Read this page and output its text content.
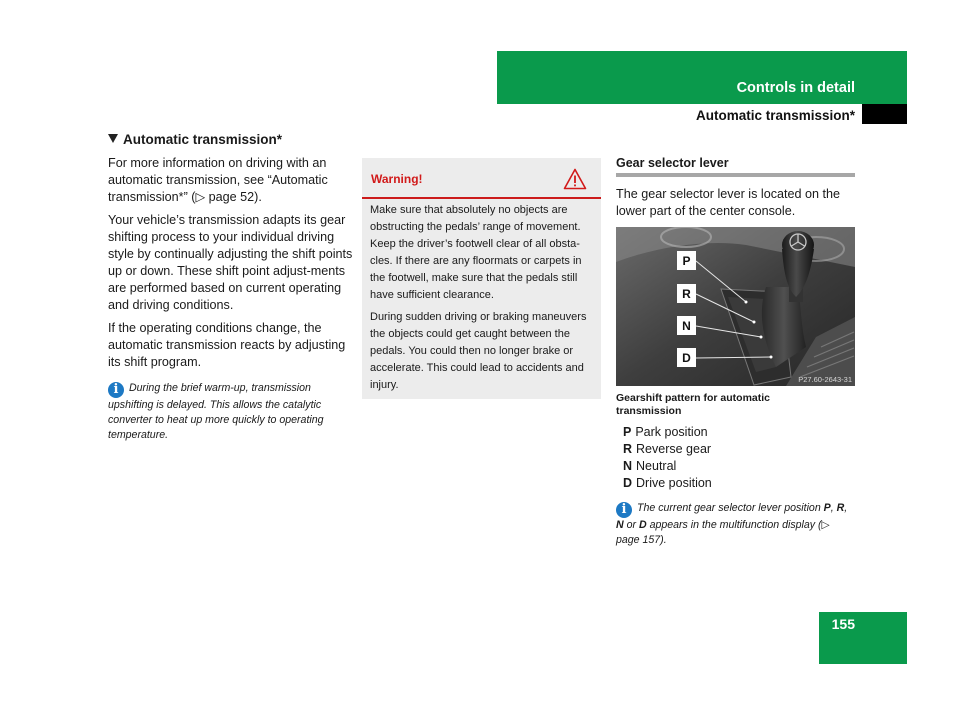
Controls in detail
Automatic transmission*
Automatic transmission*
For more information on driving with an automatic transmission, see “Automatic transmission*” (▷ page 52).
Your vehicle’s transmission adapts its gear shifting process to your individual driving style by continually adjusting the shift points up or down. These shift point adjust-ments are performed based on current operating and driving conditions.
If the operating conditions change, the automatic transmission reacts by adjusting its shift program.
i During the brief warm-up, transmission upshifting is delayed. This allows the catalytic converter to heat up more quickly to operating temperature.
Warning!
Make sure that absolutely no objects are obstructing the pedals’ range of movement. Keep the driver’s footwell clear of all obsta-cles. If there are any floormats or carpets in the footwell, make sure that the pedals still have sufficient clearance.
During sudden driving or braking maneuvers the objects could get caught between the pedals. You could then no longer brake or accelerate. This could lead to accidents and injury.
Gear selector lever
The gear selector lever is located on the lower part of the center console.
P
R
N
D
P27.60-2643-31
Gearshift pattern for automatic transmission
P Park position
R Reverse gear
N Neutral
D Drive position
i The current gear selector lever position P, R, N or D appears in the multifunction display (▷ page 157).
155
